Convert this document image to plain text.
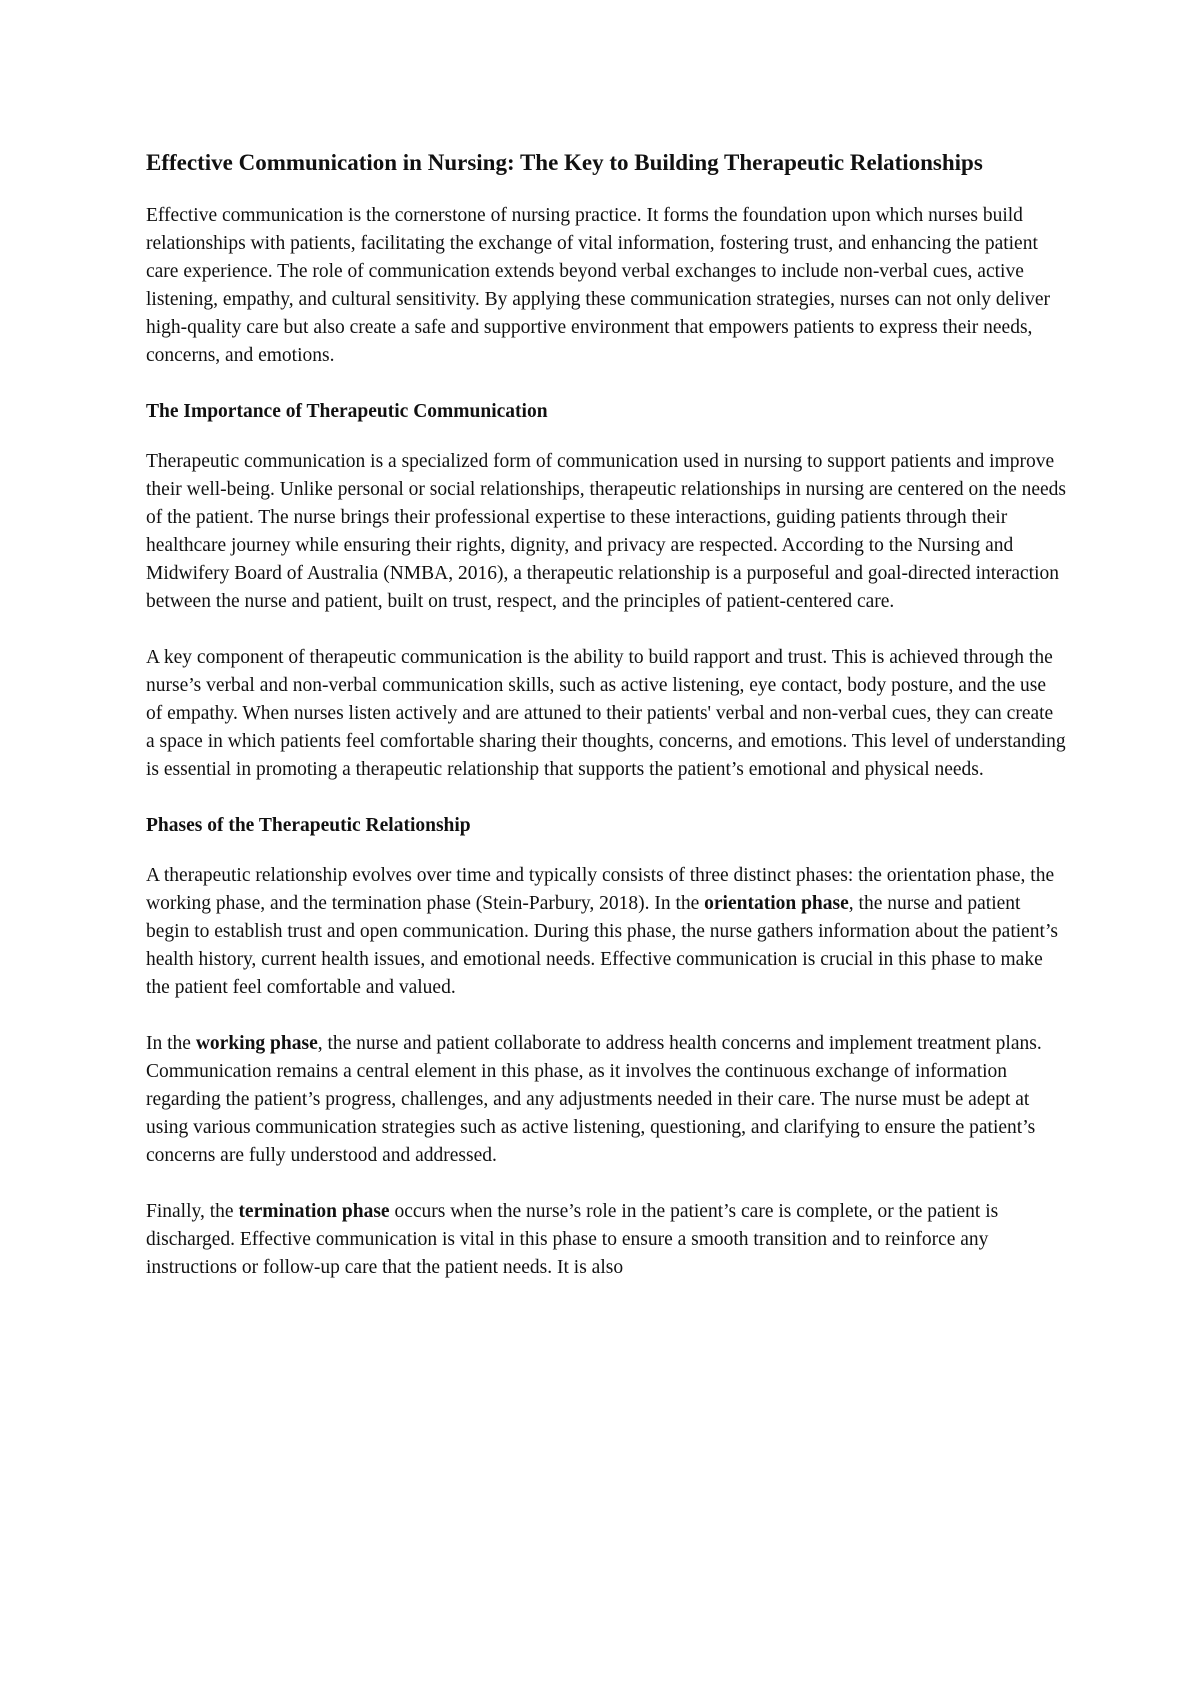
Effective Communication in Nursing: The Key to Building Therapeutic Relationships

Effective communication is the cornerstone of nursing practice. It forms the foundation upon which nurses build relationships with patients, facilitating the exchange of vital information, fostering trust, and enhancing the patient care experience. The role of communication extends beyond verbal exchanges to include non-verbal cues, active listening, empathy, and cultural sensitivity. By applying these communication strategies, nurses can not only deliver high-quality care but also create a safe and supportive environment that empowers patients to express their needs, concerns, and emotions.

The Importance of Therapeutic Communication

Therapeutic communication is a specialized form of communication used in nursing to support patients and improve their well-being. Unlike personal or social relationships, therapeutic relationships in nursing are centered on the needs of the patient. The nurse brings their professional expertise to these interactions, guiding patients through their healthcare journey while ensuring their rights, dignity, and privacy are respected. According to the Nursing and Midwifery Board of Australia (NMBA, 2016), a therapeutic relationship is a purposeful and goal-directed interaction between the nurse and patient, built on trust, respect, and the principles of patient-centered care.

A key component of therapeutic communication is the ability to build rapport and trust. This is achieved through the nurse’s verbal and non-verbal communication skills, such as active listening, eye contact, body posture, and the use of empathy. When nurses listen actively and are attuned to their patients' verbal and non-verbal cues, they can create a space in which patients feel comfortable sharing their thoughts, concerns, and emotions. This level of understanding is essential in promoting a therapeutic relationship that supports the patient’s emotional and physical needs.

Phases of the Therapeutic Relationship

A therapeutic relationship evolves over time and typically consists of three distinct phases: the orientation phase, the working phase, and the termination phase (Stein-Parbury, 2018). In the orientation phase, the nurse and patient begin to establish trust and open communication. During this phase, the nurse gathers information about the patient’s health history, current health issues, and emotional needs. Effective communication is crucial in this phase to make the patient feel comfortable and valued.

In the working phase, the nurse and patient collaborate to address health concerns and implement treatment plans. Communication remains a central element in this phase, as it involves the continuous exchange of information regarding the patient’s progress, challenges, and any adjustments needed in their care. The nurse must be adept at using various communication strategies such as active listening, questioning, and clarifying to ensure the patient’s concerns are fully understood and addressed.

Finally, the termination phase occurs when the nurse’s role in the patient’s care is complete, or the patient is discharged. Effective communication is vital in this phase to ensure a smooth transition and to reinforce any instructions or follow-up care that the patient needs. It is also
